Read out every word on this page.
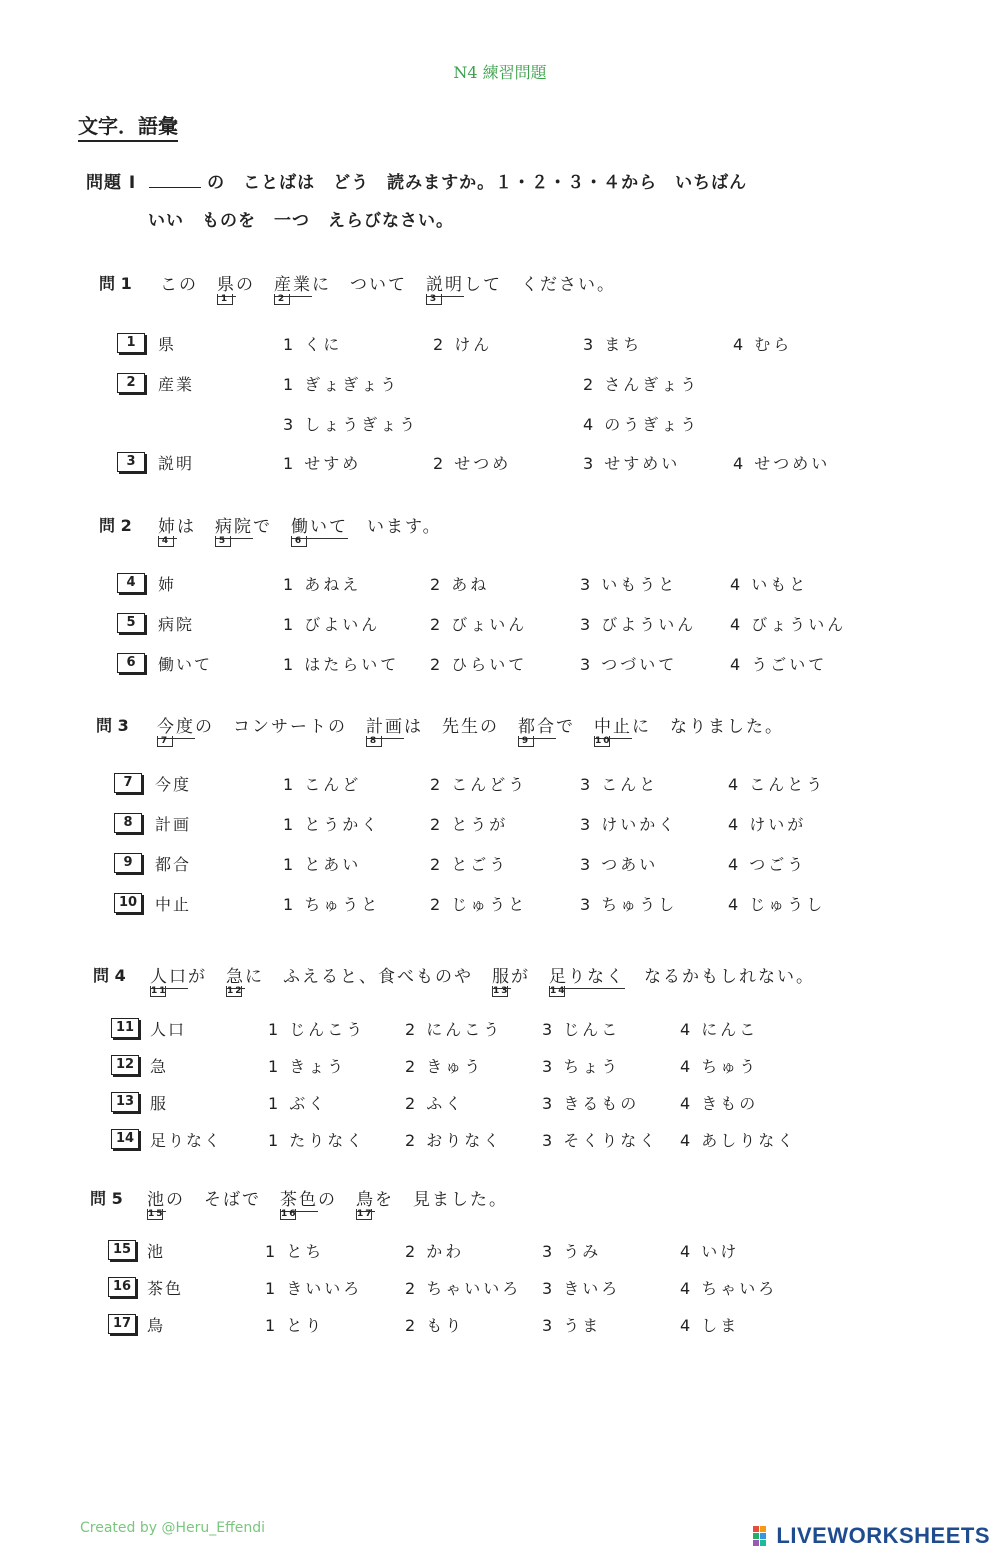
N4 練習問題
文字．語彙
問題 I	の　ことばは　どう　読みますか。１・２・３・４から　いちばん
いい　ものを　一つ　えらびなさい。
問 1 この　県
1
の　産業
2
に　ついて　説明
3
して　ください。
1	県	1 くに	2 けん	3 まち	4 むら
2	産業	1 ぎょぎょう	2 さんぎょう
3 しょうぎょう	4 のうぎょう
3	説明	1 せすめ	2 せつめ	3 せすめい	4 せつめい
問 2 姉
4
は　病院
5
で　働いて
6
　います。
4	姉	1 あねえ	2 あね	3 いもうと	4 いもと
5	病院	1 びよいん	2 びょいん	3 びよういん 4 びょういん
6	働いて	1 はたらいて 2 ひらいて	3 つづいて	4 うごいて
問 3 今度
7
の　コンサートの　計画
8
は　先生の　都合
9
で　中止
10
に　なりました。
7	今度	1 こんど	2 こんどう	3 こんと	4 こんとう
8	計画	1 とうかく	2 とうが	3 けいかく	4 けいが
9	都合	1 とあい	2 とごう	3 つあい	4 つごう
10	中止	1 ちゅうと	2 じゅうと	3 ちゅうし	4 じゅうし
問 4 人口
11
が　急
12
に　ふえると、食べものや　服
13
が　足りなく
14
　なるかもしれない。
11 人口	1 じんこう 2 にんこう 3 じんこ	4 にんこ
12 急	1 きょう	2 きゅう	3 ちょう	4 ちゅう
13 服	1 ぶく	2 ふく	3 きるもの	4 きもの
14 足りなく	1 たりなく 2 おりなく 3 そくりなく 4 あしりなく
問 5 池
15
の　そばで　茶色
16
の　鳥
17
を　見ました。
15 池	1 とち	2 かわ	3 うみ	4 いけ
16 茶色	1 きいいろ	2 ちゃいいろ 3 きいろ	4 ちゃいろ
17 鳥	1 とり	2 もり	3 うま	4 しま
Created by @Heru_Effendi	LIVEWORKSHEETS
